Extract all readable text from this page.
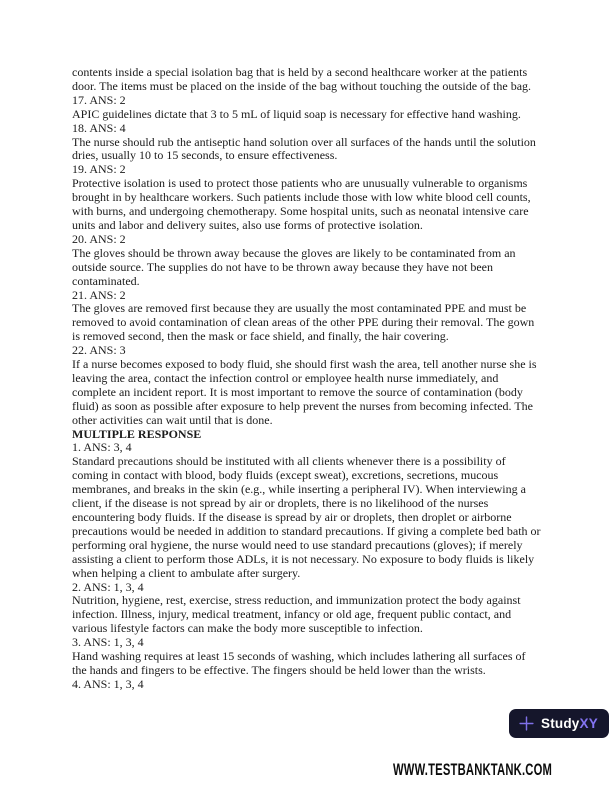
contents inside a special isolation bag that is held by a second healthcare worker at the patients door. The items must be placed on the inside of the bag without touching the outside of the bag.
17. ANS: 2
APIC guidelines dictate that 3 to 5 mL of liquid soap is necessary for effective hand washing.
18. ANS: 4
The nurse should rub the antiseptic hand solution over all surfaces of the hands until the solution dries, usually 10 to 15 seconds, to ensure effectiveness.
19. ANS: 2
Protective isolation is used to protect those patients who are unusually vulnerable to organisms brought in by healthcare workers. Such patients include those with low white blood cell counts, with burns, and undergoing chemotherapy. Some hospital units, such as neonatal intensive care units and labor and delivery suites, also use forms of protective isolation.
20. ANS: 2
The gloves should be thrown away because the gloves are likely to be contaminated from an outside source. The supplies do not have to be thrown away because they have not been contaminated.
21. ANS: 2
The gloves are removed first because they are usually the most contaminated PPE and must be removed to avoid contamination of clean areas of the other PPE during their removal. The gown is removed second, then the mask or face shield, and finally, the hair covering.
22. ANS: 3
If a nurse becomes exposed to body fluid, she should first wash the area, tell another nurse she is leaving the area, contact the infection control or employee health nurse immediately, and complete an incident report. It is most important to remove the source of contamination (body fluid) as soon as possible after exposure to help prevent the nurses from becoming infected. The other activities can wait until that is done.
MULTIPLE RESPONSE
1. ANS: 3, 4
Standard precautions should be instituted with all clients whenever there is a possibility of coming in contact with blood, body fluids (except sweat), excretions, secretions, mucous membranes, and breaks in the skin (e.g., while inserting a peripheral IV). When interviewing a client, if the disease is not spread by air or droplets, there is no likelihood of the nurses encountering body fluids. If the disease is spread by air or droplets, then droplet or airborne precautions would be needed in addition to standard precautions. If giving a complete bed bath or performing oral hygiene, the nurse would need to use standard precautions (gloves); if merely assisting a client to perform those ADLs, it is not necessary. No exposure to body fluids is likely when helping a client to ambulate after surgery.
2. ANS: 1, 3, 4
Nutrition, hygiene, rest, exercise, stress reduction, and immunization protect the body against infection. Illness, injury, medical treatment, infancy or old age, frequent public contact, and various lifestyle factors can make the body more susceptible to infection.
3. ANS: 1, 3, 4
Hand washing requires at least 15 seconds of washing, which includes lathering all surfaces of the hands and fingers to be effective. The fingers should be held lower than the wrists.
4. ANS: 1, 3, 4
StudyXY
WWW.TESTBANKTANK.COM
